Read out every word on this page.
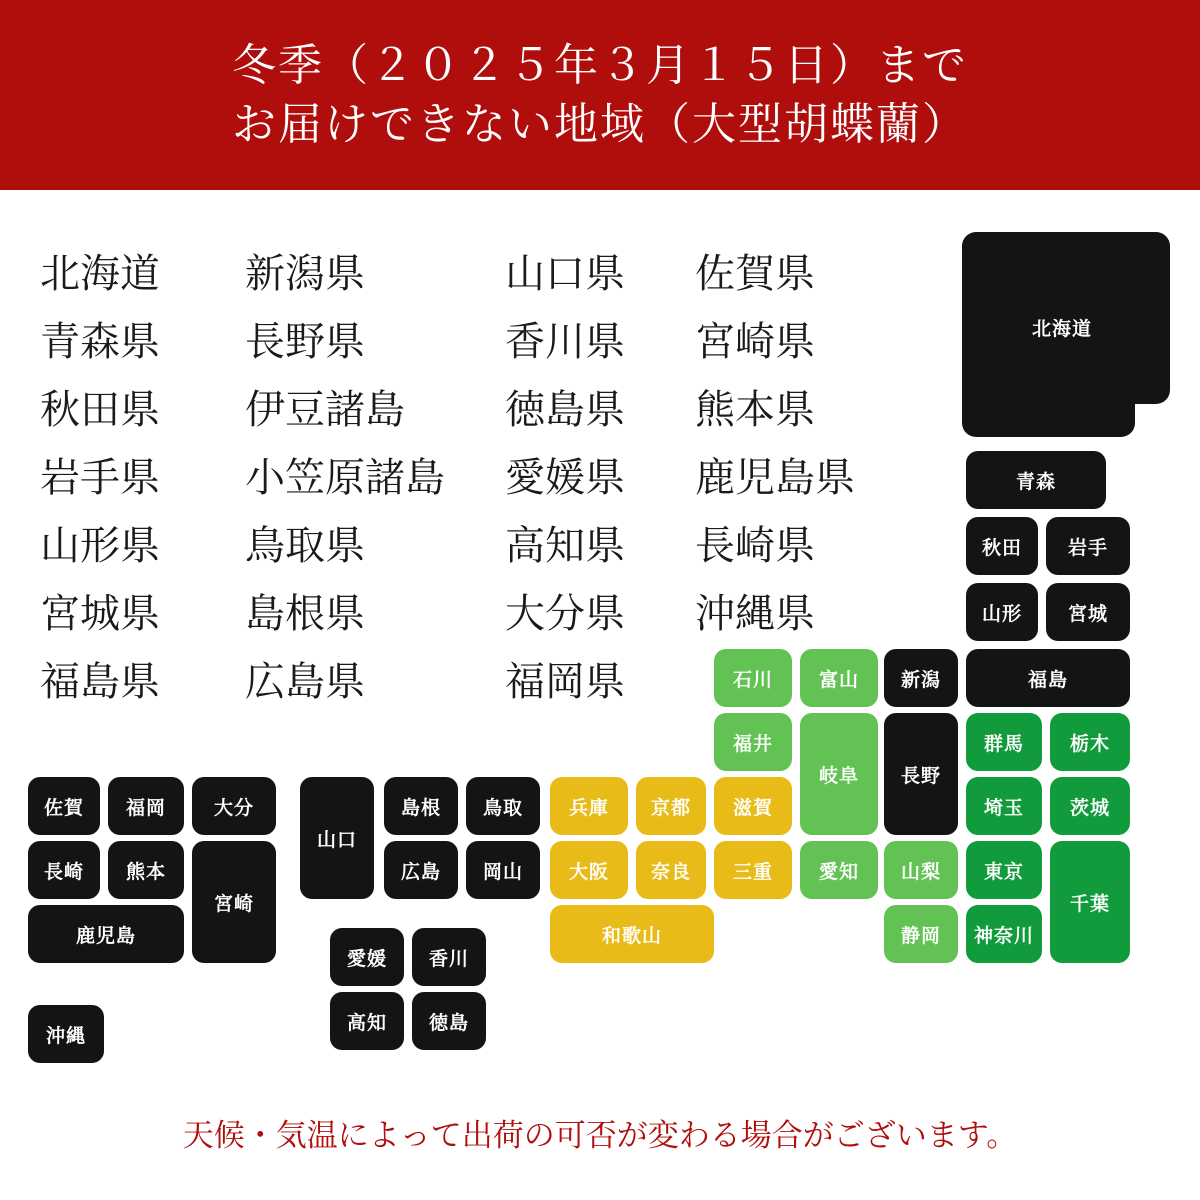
冬季（２０２５年３月１５日）まで
お届けできない地域（大型胡蝶蘭）
北海道
青森県
秋田県
岩手県
山形県
宮城県
福島県
新潟県
長野県
伊豆諸島
小笠原諸島
鳥取県
島根県
広島県
山口県
香川県
徳島県
愛媛県
高知県
大分県
福岡県
佐賀県
宮崎県
熊本県
鹿児島県
長崎県
沖縄県
北海道
青森
秋田	岩手
山形	宮城
福島
石川	富山	新潟
福井
岐阜	長野
群馬	栃木
埼玉	茨城
兵庫	京都	滋賀
大阪	奈良	三重
和歌山
愛知	山梨	東京
千葉
静岡	神奈川
山口
島根	鳥取
広島	岡山
愛媛	香川
高知	徳島
佐賀	福岡	大分
長崎	熊本
宮崎
鹿児島
沖縄
天候・気温によって出荷の可否が変わる場合がございます。
